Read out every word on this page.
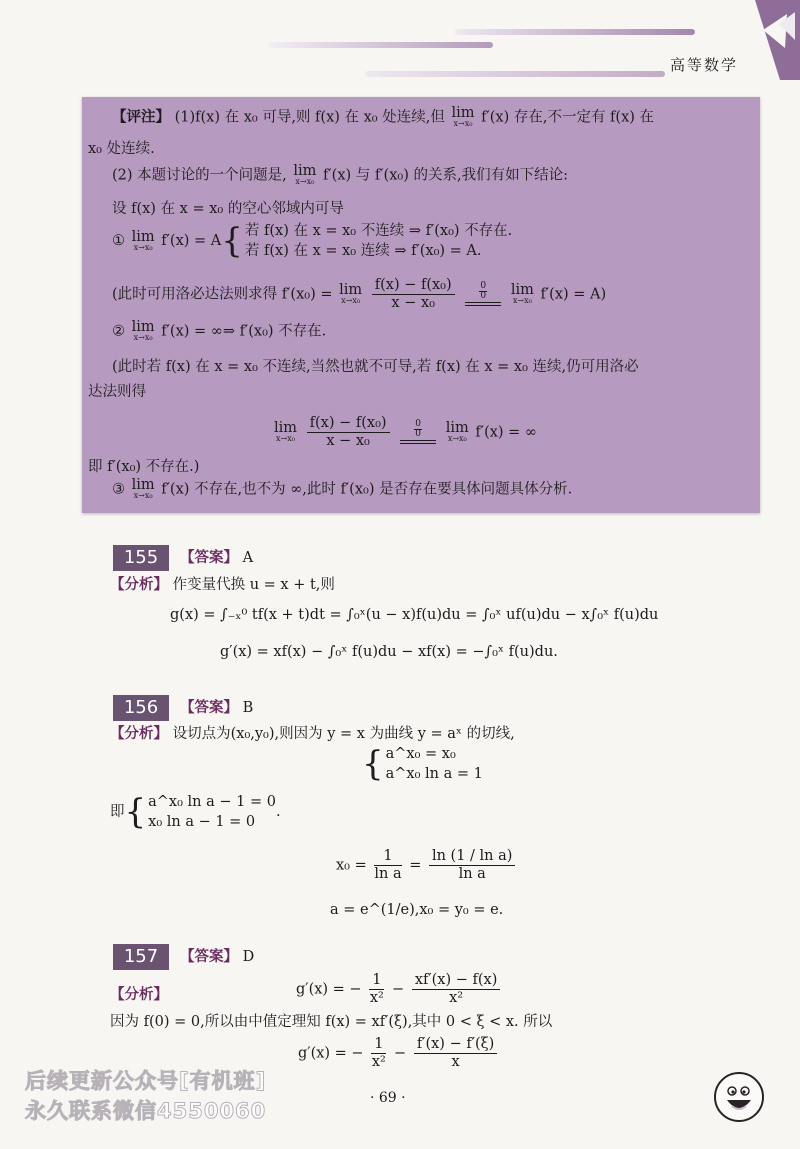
高等数学
【评注】 (1)f(x) 在 x₀ 可导,则 f(x) 在 x₀ 处连续,但 lim
x→x₀ f′(x) 存在,不一定有 f(x) 在
x₀ 处连续.
(2) 本题讨论的一个问题是, lim
x→x₀ f′(x) 与 f′(x₀) 的关系,我们有如下结论:
设 f(x) 在 x = x₀ 的空心邻域内可导
① lim
x→x₀ f′(x) = A{ 若 f(x) 在 x = x₀ 不连续 ⇒ f′(x₀) 不存在.
若 f(x) 在 x = x₀ 连续 ⇒ f′(x₀) = A.
(此时可用洛必达法则求得 f′(x₀) = lim
x→x₀
$\frac{\text{f(x) − f(x₀)}}{\text{x − x₀}} \frac{0}{0}$ lim
x→x₀ f′(x) = A)
② lim
x→x₀ f′(x) = ∞⇒ f′(x₀) 不存在.
(此时若 f(x) 在 x = x₀ 不连续,当然也就不可导,若 f(x) 在 x = x₀ 连续,仍可用洛必
达法则得
lim
x→x₀
$\frac{\text{f(x) − f(x₀)}}{\text{x − x₀}} \frac{0}{0}$ lim
x→x₀ f′(x) = ∞
即 f′(x₀) 不存在.)
③ lim
x→x₀ f′(x) 不存在,也不为 ∞,此时 f′(x₀) 是否存在要具体问题具体分析.
155	【答案】 A
【分析】 作变量代换 u = x + t,则
g(x) = ∫₋ₓ⁰ tf(x + t)dt = ∫₀ˣ(u − x)f(u)du = ∫₀ˣ uf(u)du − x∫₀ˣ f(u)du
g′(x) = xf(x) − ∫₀ˣ f(u)du − xf(x) = −∫₀ˣ f(u)du.
156	【答案】 B
【分析】 设切点为(x₀,y₀),则因为 y = x 为曲线 y = aˣ 的切线,
{ a^x₀ = x₀
a^x₀ ln a = 1
即{ a^x₀ ln a − 1 = 0
x₀ ln a − 1 = 0.
$x_0 = \frac{1}{\text{ln a}} = \frac{\text{ln (1 / ln a)}}{\text{ln a}}$
a = e^(1/e),x₀ = y₀ = e.
157	【答案】 D
【分析】	g′(x) = − $\frac{1}{\text{x²}} - \frac{xf'(x) - f(x)}{\text{x²}}$
因为 f(0) = 0,所以由中值定理知 f(x) = xf′(ξ),其中 0 < ξ < x. 所以
g′(x) = − $\frac{1}{\text{x²}} - \frac{f'(x) - f'(\xi)}{x}$
后续更新公众号[有机班]
永久联系微信4550060
· 69 ·
